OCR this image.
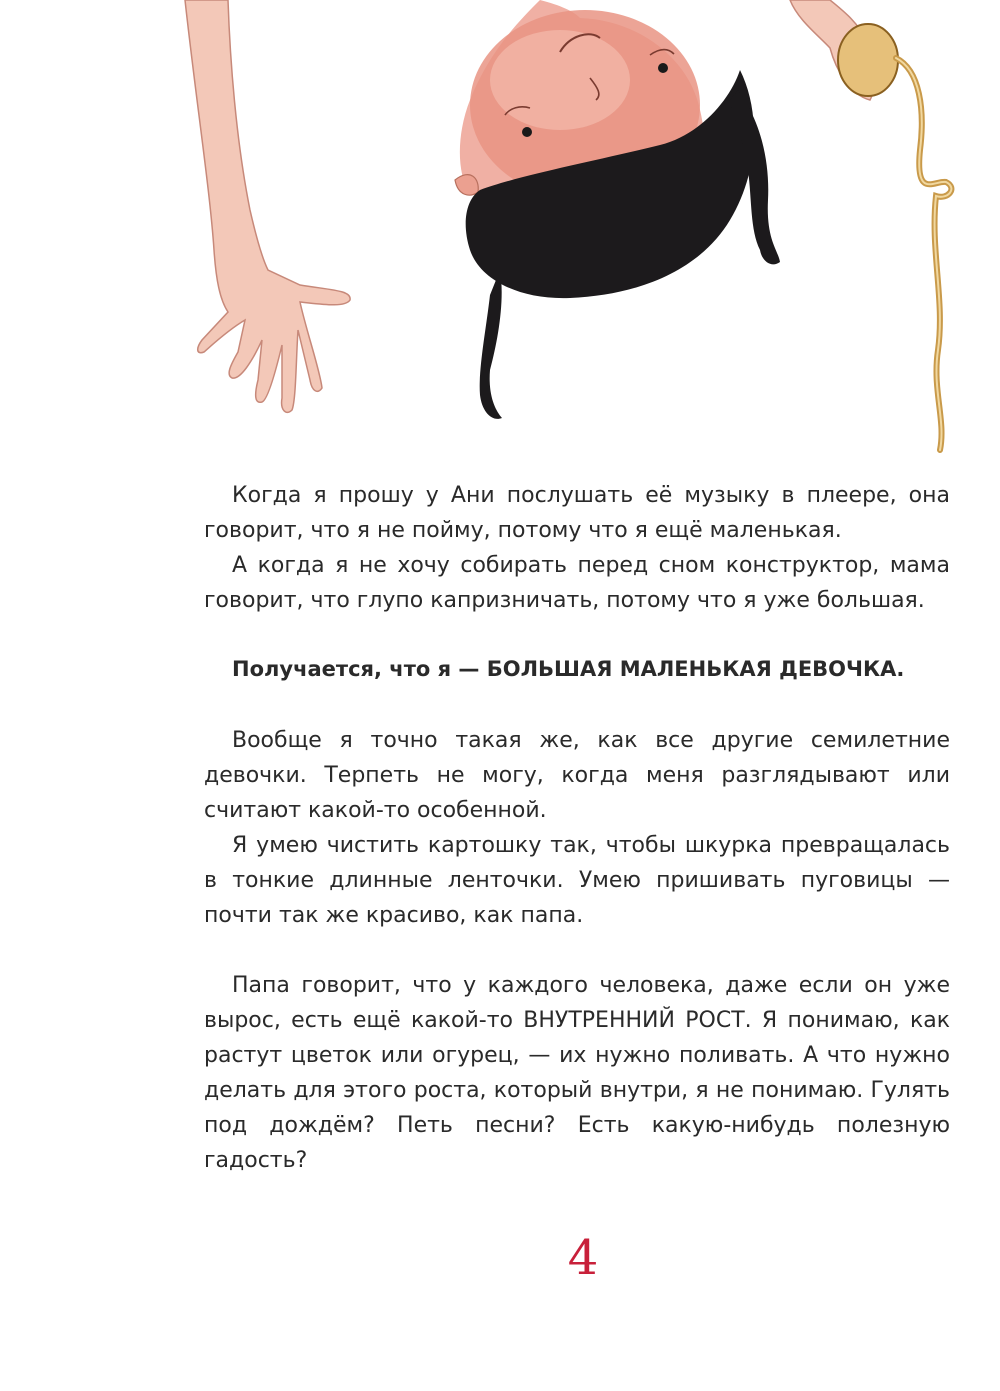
Когда я прошу у Ани послушать её музыку в плеере, она говорит, что я не пойму, потому что я ещё маленькая.

А когда я не хочу собирать перед сном конструктор, мама говорит, что глупо капризничать, потому что я уже большая.

Получается, что я — БОЛЬШАЯ МАЛЕНЬКАЯ ДЕВОЧКА.

Вообще я точно такая же, как все другие семилетние девочки. Терпеть не могу, когда меня разглядывают или считают какой-то особенной.

Я умею чистить картошку так, чтобы шкурка превращалась в тонкие длинные ленточки. Умею пришивать пуговицы — почти так же красиво, как папа.

Папа говорит, что у каждого человека, даже если он уже вырос, есть ещё какой-то ВНУТРЕННИЙ РОСТ. Я понимаю, как растут цветок или огурец, — их нужно поливать. А что нужно делать для этого роста, который внутри, я не понимаю. Гулять под дождём? Петь песни? Есть какую-нибудь полезную гадость?

4
